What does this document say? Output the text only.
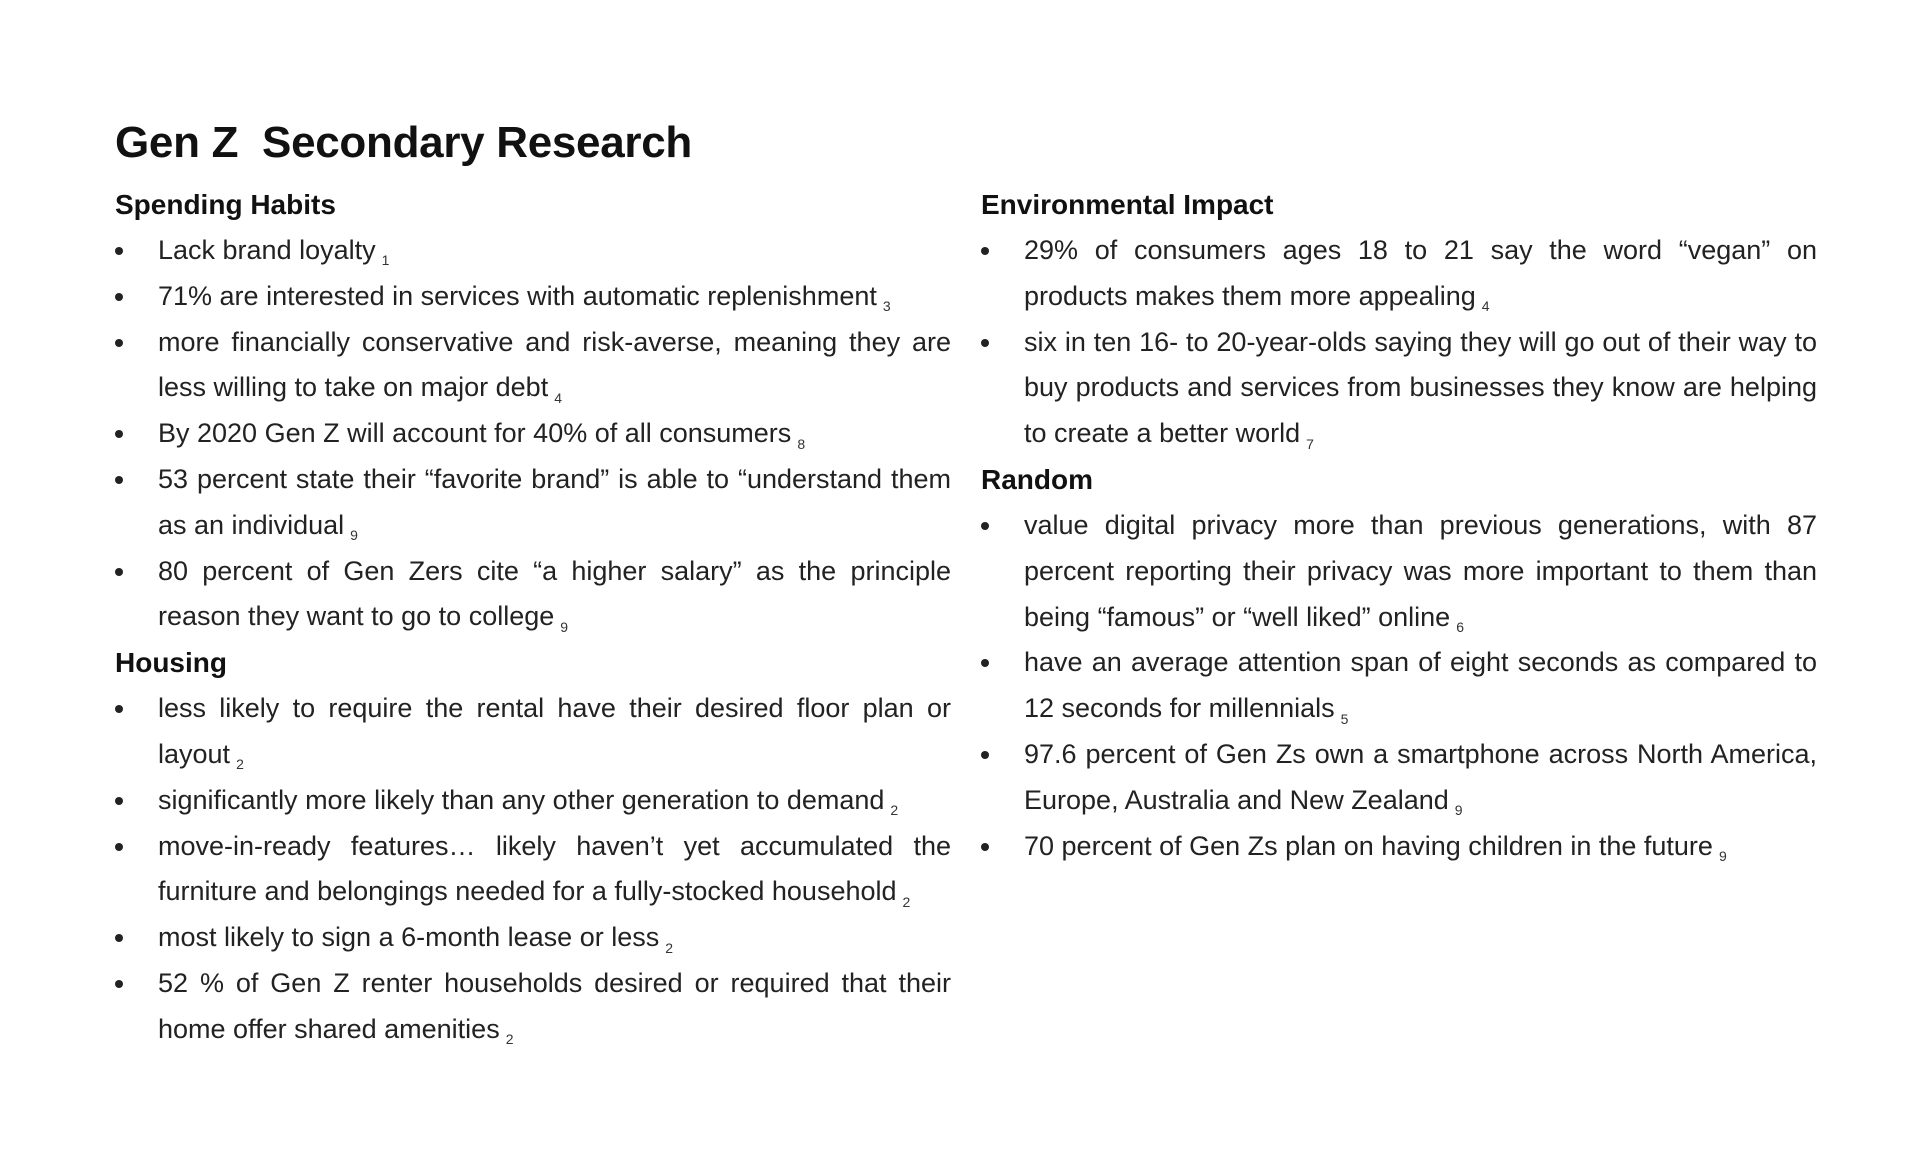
Gen Z  Secondary Research
Spending Habits
Lack brand loyalty $_1$
71% are interested in services with automatic replenishment $_3$
more financially conservative and risk-averse, meaning they are less willing to take on major debt $_4$
By 2020 Gen Z will account for 40% of all consumers $_8$
53 percent state their “favorite brand” is able to “understand them as an individual $_9$
80 percent of Gen Zers cite “a higher salary” as the principle reason they want to go to college $_9$
Housing
less likely to require the rental have their desired floor plan or layout $_2$
significantly more likely than any other generation to demand $_2$
move-in-ready features… likely haven’t yet accumulated the furniture and belongings needed for a fully-stocked household $_2$
most likely to sign a 6-month lease or less $_2$
52 % of Gen Z renter households desired or required that their home offer shared amenities $_2$
Environmental Impact
29% of consumers ages 18 to 21 say the word “vegan” on products makes them more appealing $_4$
six in ten 16- to 20-year-olds saying they will go out of their way to buy products and services from businesses they know are helping to create a better world $_7$
Random
value digital privacy more than previous generations, with 87 percent reporting their privacy was more important to them than being “famous” or “well liked” online $_6$
have an average attention span of eight seconds as compared to 12 seconds for millennials $_5$
97.6 percent of Gen Zs own a smartphone across North America, Europe, Australia and New Zealand $_9$
70 percent of Gen Zs plan on having children in the future $_9$
